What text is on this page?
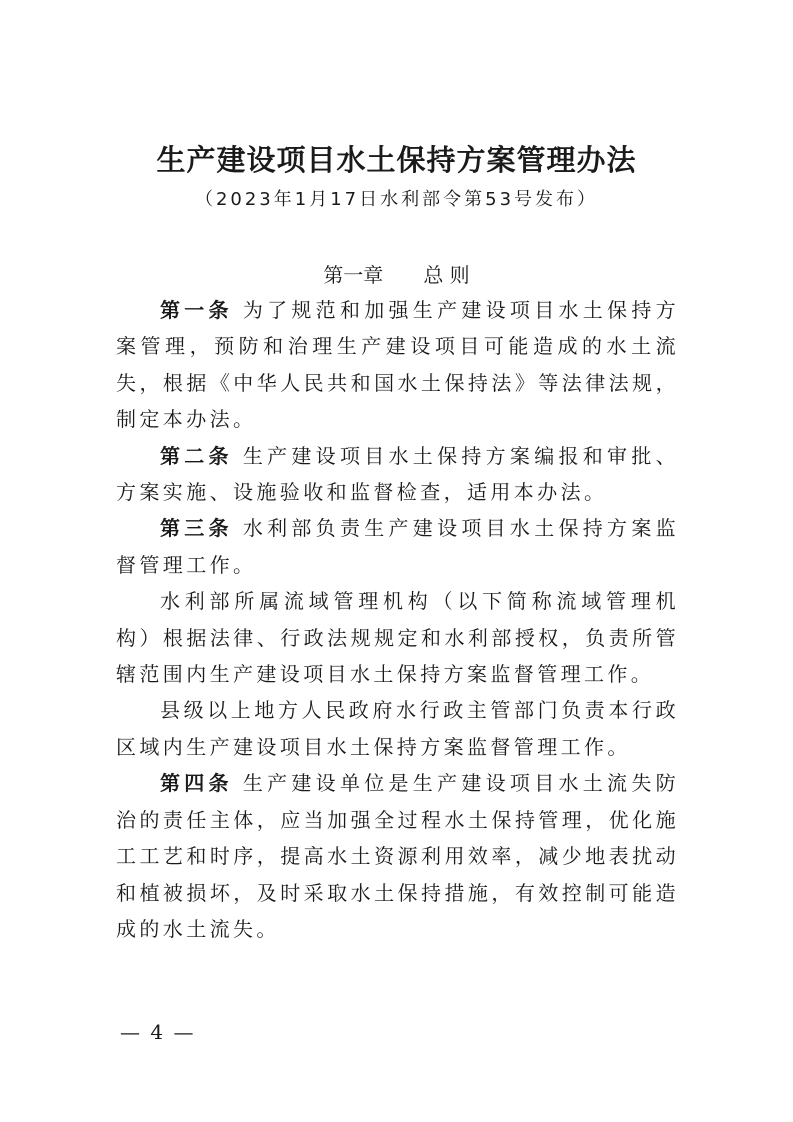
生产建设项目水土保持方案管理办法
（2023年1月17日水利部令第53号发布）
第一章 总 则

第一条 为了规范和加强生产建设项目水土保持方案管理，预防和治理生产建设项目可能造成的水土流失，根据《中华人民共和国水土保持法》等法律法规，制定本办法。

第二条 生产建设项目水土保持方案编报和审批、方案实施、设施验收和监督检查，适用本办法。

第三条 水利部负责生产建设项目水土保持方案监督管理工作。

水利部所属流域管理机构（以下简称流域管理机构）根据法律、行政法规规定和水利部授权，负责所管辖范围内生产建设项目水土保持方案监督管理工作。

县级以上地方人民政府水行政主管部门负责本行政区域内生产建设项目水土保持方案监督管理工作。

第四条 生产建设单位是生产建设项目水土流失防治的责任主体，应当加强全过程水土保持管理，优化施工工艺和时序，提高水土资源利用效率，减少地表扰动和植被损坏，及时采取水土保持措施，有效控制可能造成的水土流失。

— 4 —
